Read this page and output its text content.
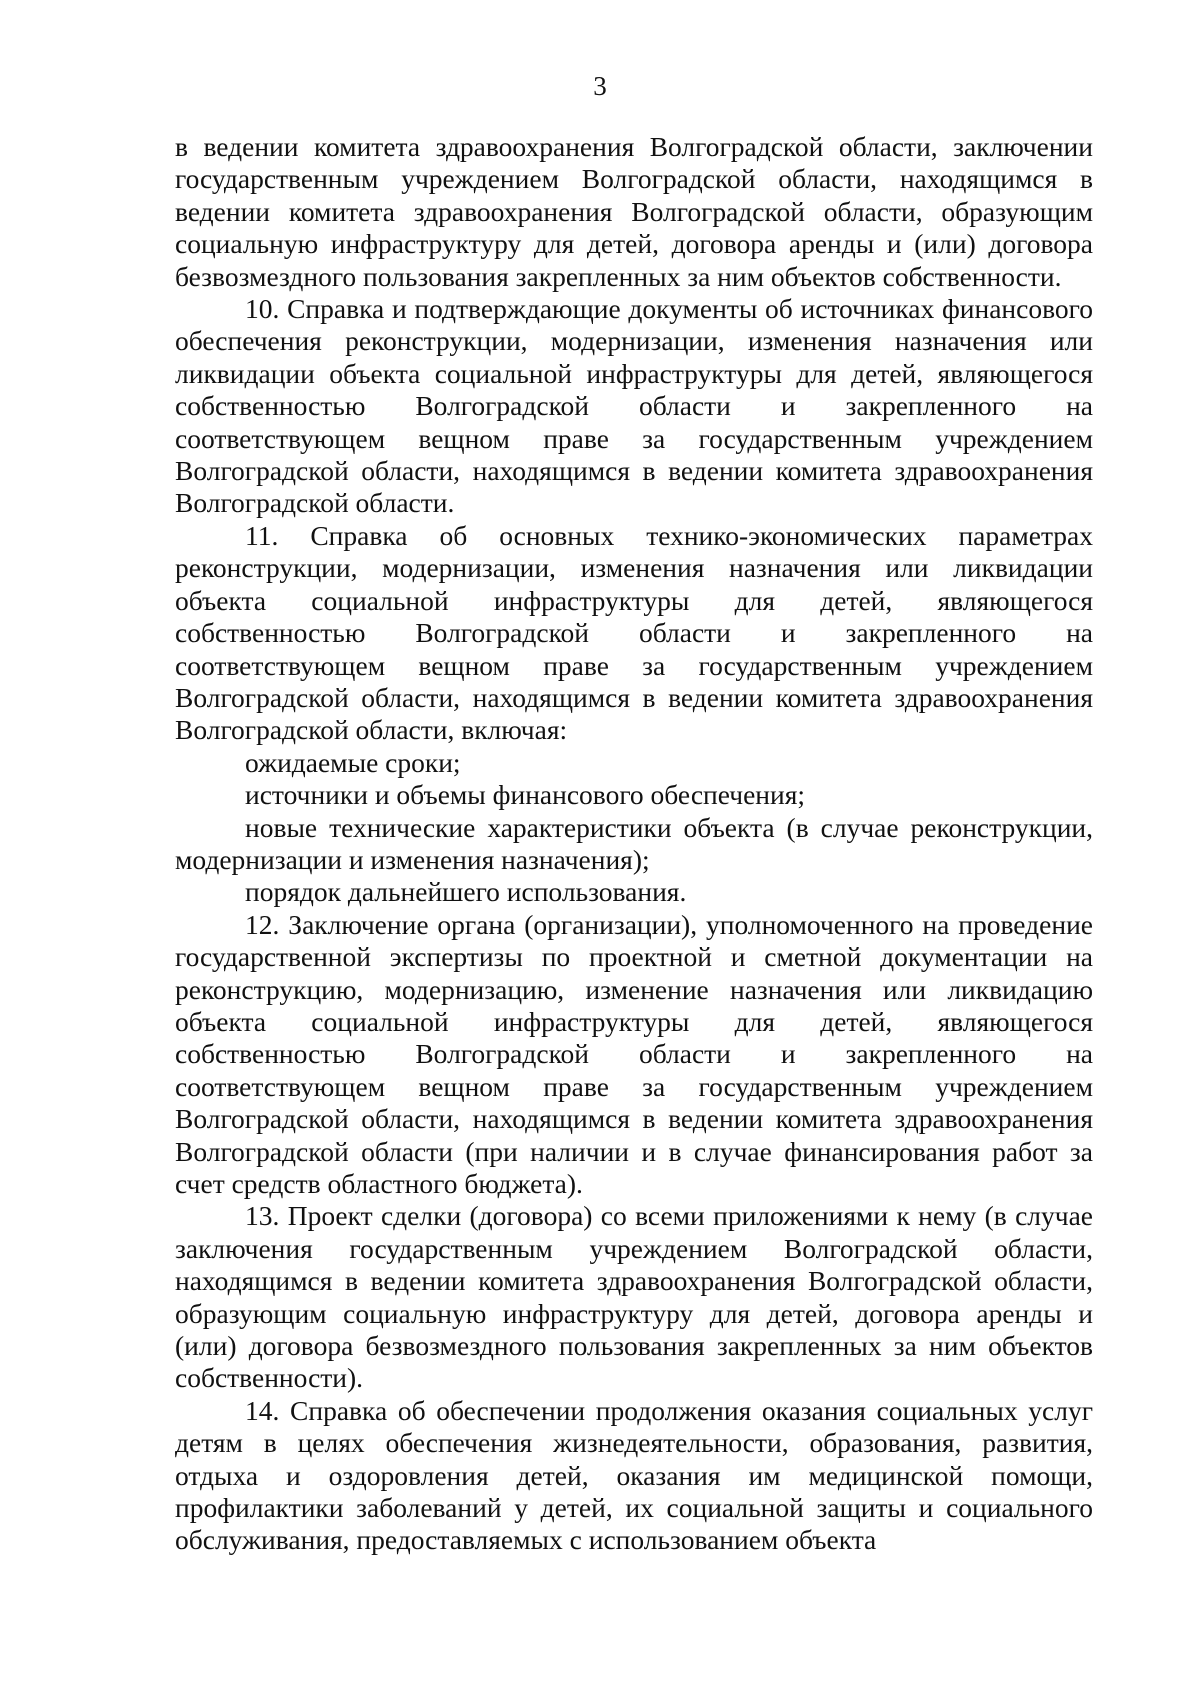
3

в ведении комитета здравоохранения Волгоградской области, заключении государственным учреждением Волгоградской области, находящимся в ведении комитета здравоохранения Волгоградской области, образующим социальную инфраструктуру для детей, договора аренды и (или) договора безвозмездного пользования закрепленных за ним объектов собственности.

10. Справка и подтверждающие документы об источниках финансового обеспечения реконструкции, модернизации, изменения назначения или ликвидации объекта социальной инфраструктуры для детей, являющегося собственностью Волгоградской области и закрепленного на соответствующем вещном праве за государственным учреждением Волгоградской области, находящимся в ведении комитета здравоохранения Волгоградской области.

11. Справка об основных технико-экономических параметрах реконструкции, модернизации, изменения назначения или ликвидации объекта социальной инфраструктуры для детей, являющегося собственностью Волгоградской области и закрепленного на соответствующем вещном праве за государственным учреждением Волгоградской области, находящимся в ведении комитета здравоохранения Волгоградской области, включая:

ожидаемые сроки;

источники и объемы финансового обеспечения;

новые технические характеристики объекта (в случае реконструкции, модернизации и изменения назначения);

порядок дальнейшего использования.

12. Заключение органа (организации), уполномоченного на проведение государственной экспертизы по проектной и сметной документации на реконструкцию, модернизацию, изменение назначения или ликвидацию объекта социальной инфраструктуры для детей, являющегося собственностью Волгоградской области и закрепленного на соответствующем вещном праве за государственным учреждением Волгоградской области, находящимся в ведении комитета здравоохранения Волгоградской области (при наличии и в случае финансирования работ за счет средств областного бюджета).

13. Проект сделки (договора) со всеми приложениями к нему (в случае заключения государственным учреждением Волгоградской области, находящимся в ведении комитета здравоохранения Волгоградской области, образующим социальную инфраструктуру для детей, договора аренды и (или) договора безвозмездного пользования закрепленных за ним объектов собственности).

14. Справка об обеспечении продолжения оказания социальных услуг детям в целях обеспечения жизнедеятельности, образования, развития, отдыха и оздоровления детей, оказания им медицинской помощи, профилактики заболеваний у детей, их социальной защиты и социального обслуживания, предоставляемых с использованием объекта
